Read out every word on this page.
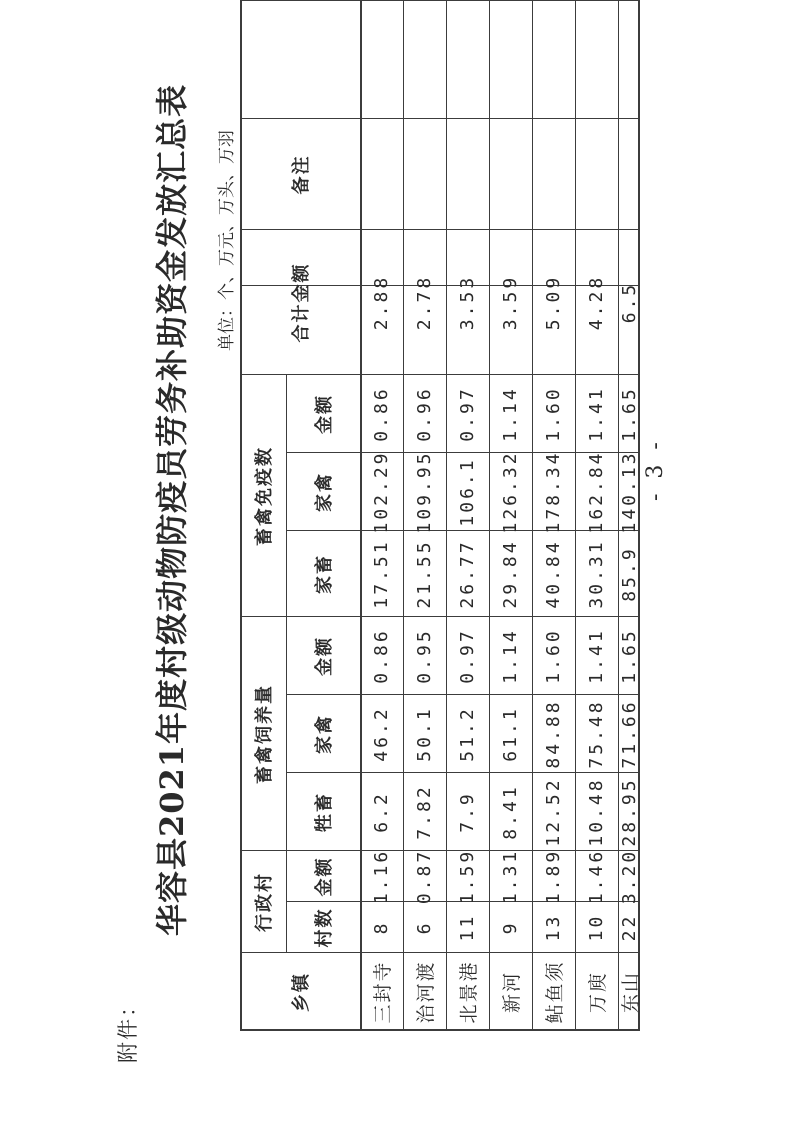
附件：
华容县2021年度村级动物防疫员劳务补助资金发放汇总表 单位：个、万元、万头、万羽
- 3 -
乡镇
行政村	村数
金额
畜禽饲养量
牲畜
家禽
金额
畜禽免疫数
家畜
家禽
金额
合计金额
备注
三封寺
8
1.16
6.2
46.2
0.86
17.51
102.29
0.86
2.88
治河渡
6
0.87
7.82
50.1
0.95
21.55
109.95
0.96
2.78
北景港
11
1.59
7.9
51.2
0.97
26.77
106.1
0.97
3.53
新河
9
1.31
8.41
61.1
1.14
29.84
126.32
1.14
3.59
鲇鱼须
13
1.89
12.52
84.88
1.60
40.84
178.34
1.60
5.09
万庾
10
1.46
10.48
75.48
1.41
30.31
162.84
1.41
4.28
东山
22
3.20
28.95
71.66
1.65
85.9
140.13
1.65
6.5
